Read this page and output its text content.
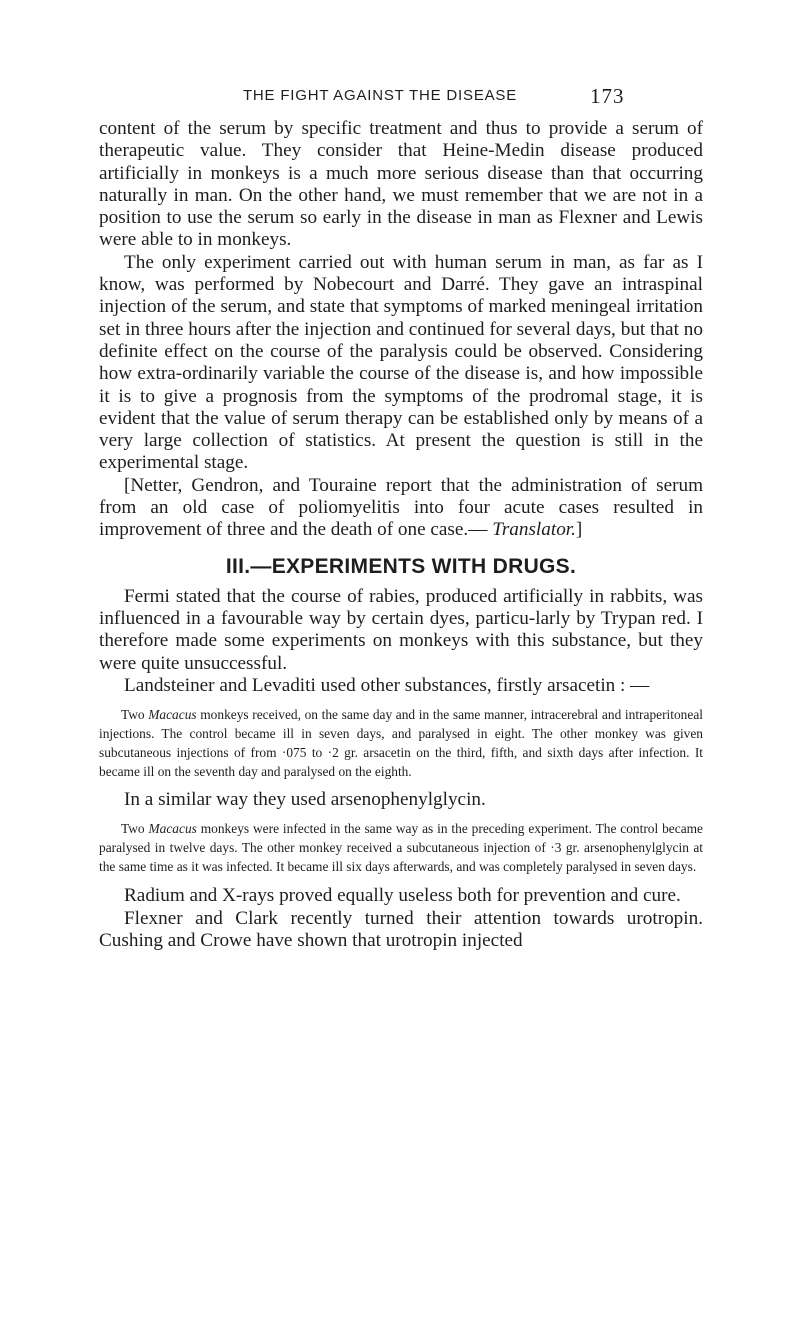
THE FIGHT AGAINST THE DISEASE	173

content of the serum by specific treatment and thus to provide a serum of therapeutic value. They consider that Heine-Medin disease produced artificially in monkeys is a much more serious disease than that occurring naturally in man. On the other hand, we must remember that we are not in a position to use the serum so early in the disease in man as Flexner and Lewis were able to in monkeys.

The only experiment carried out with human serum in man, as far as I know, was performed by Nobecourt and Darré. They gave an intraspinal injection of the serum, and state that symptoms of marked meningeal irritation set in three hours after the injection and continued for several days, but that no definite effect on the course of the paralysis could be observed. Considering how extra-ordinarily variable the course of the disease is, and how impossible it is to give a prognosis from the symptoms of the prodromal stage, it is evident that the value of serum therapy can be established only by means of a very large collection of statistics. At present the question is still in the experimental stage.

[Netter, Gendron, and Touraine report that the administration of serum from an old case of poliomyelitis into four acute cases resulted in improvement of three and the death of one case.— Translator.]

III.—EXPERIMENTS WITH DRUGS.

Fermi stated that the course of rabies, produced artificially in rabbits, was influenced in a favourable way by certain dyes, particu-larly by Trypan red. I therefore made some experiments on monkeys with this substance, but they were quite unsuccessful.

Landsteiner and Levaditi used other substances, firstly arsacetin : —

Two Macacus monkeys received, on the same day and in the same manner, intracerebral and intraperitoneal injections. The control became ill in seven days, and paralysed in eight. The other monkey was given subcutaneous injections of from ·075 to ·2 gr. arsacetin on the third, fifth, and sixth days after infection. It became ill on the seventh day and paralysed on the eighth.

In a similar way they used arsenophenylglycin.

Two Macacus monkeys were infected in the same way as in the preceding experiment. The control became paralysed in twelve days. The other monkey received a subcutaneous injection of ·3 gr. arsenophenylglycin at the same time as it was infected. It became ill six days afterwards, and was completely paralysed in seven days.

Radium and X-rays proved equally useless both for prevention and cure.

Flexner and Clark recently turned their attention towards urotropin. Cushing and Crowe have shown that urotropin injected
